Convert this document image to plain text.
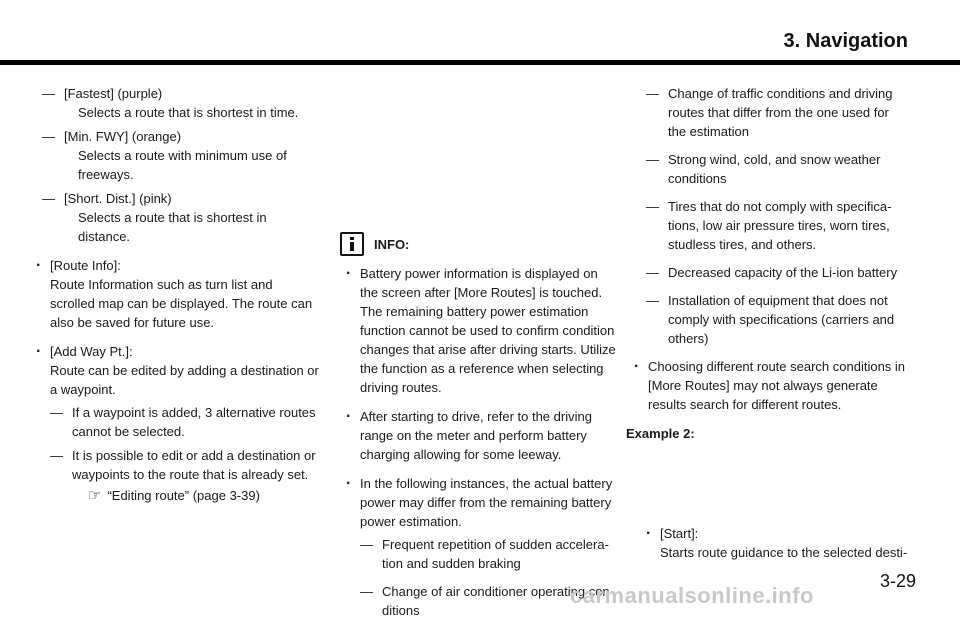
3. Navigation
— [Fastest] (purple)
Selects a route that is shortest in time.
— [Min. FWY] (orange)
Selects a route with minimum use of freeways.
— [Short. Dist.] (pink)
Selects a route that is shortest in distance.
. [Route Info]:
Route Information such as turn list and scrolled map can be displayed. The route can also be saved for future use.
. [Add Way Pt.]:
Route can be edited by adding a destination or a waypoint.
— If a waypoint is added, 3 alternative routes cannot be selected.
— It is possible to edit or add a destination or waypoints to the route that is already set.
☞ “Editing route” (page 3-39)
INFO:
. Battery power information is displayed on the screen after [More Routes] is touched. The remaining battery power estimation function cannot be used to confirm condition changes that arise after driving starts. Utilize the function as a reference when selecting driving routes.
. After starting to drive, refer to the driving range on the meter and perform battery charging allowing for some leeway.
. In the following instances, the actual battery power may differ from the remaining battery power estimation.
— Frequent repetition of sudden accelera-tion and sudden braking
— Change of air conditioner operating con-ditions
— Change of traffic conditions and driving routes that differ from the one used for the estimation
— Strong wind, cold, and snow weather conditions
— Tires that do not comply with specifica-tions, low air pressure tires, worn tires, studless tires, and others.
— Decreased capacity of the Li-ion battery
— Installation of equipment that does not comply with specifications (carriers and others)
. Choosing different route search conditions in [More Routes] may not always generate results search for different routes.
Example 2:
. [Start]:
Starts route guidance to the selected desti-
3-29
carmanualsonline.info
